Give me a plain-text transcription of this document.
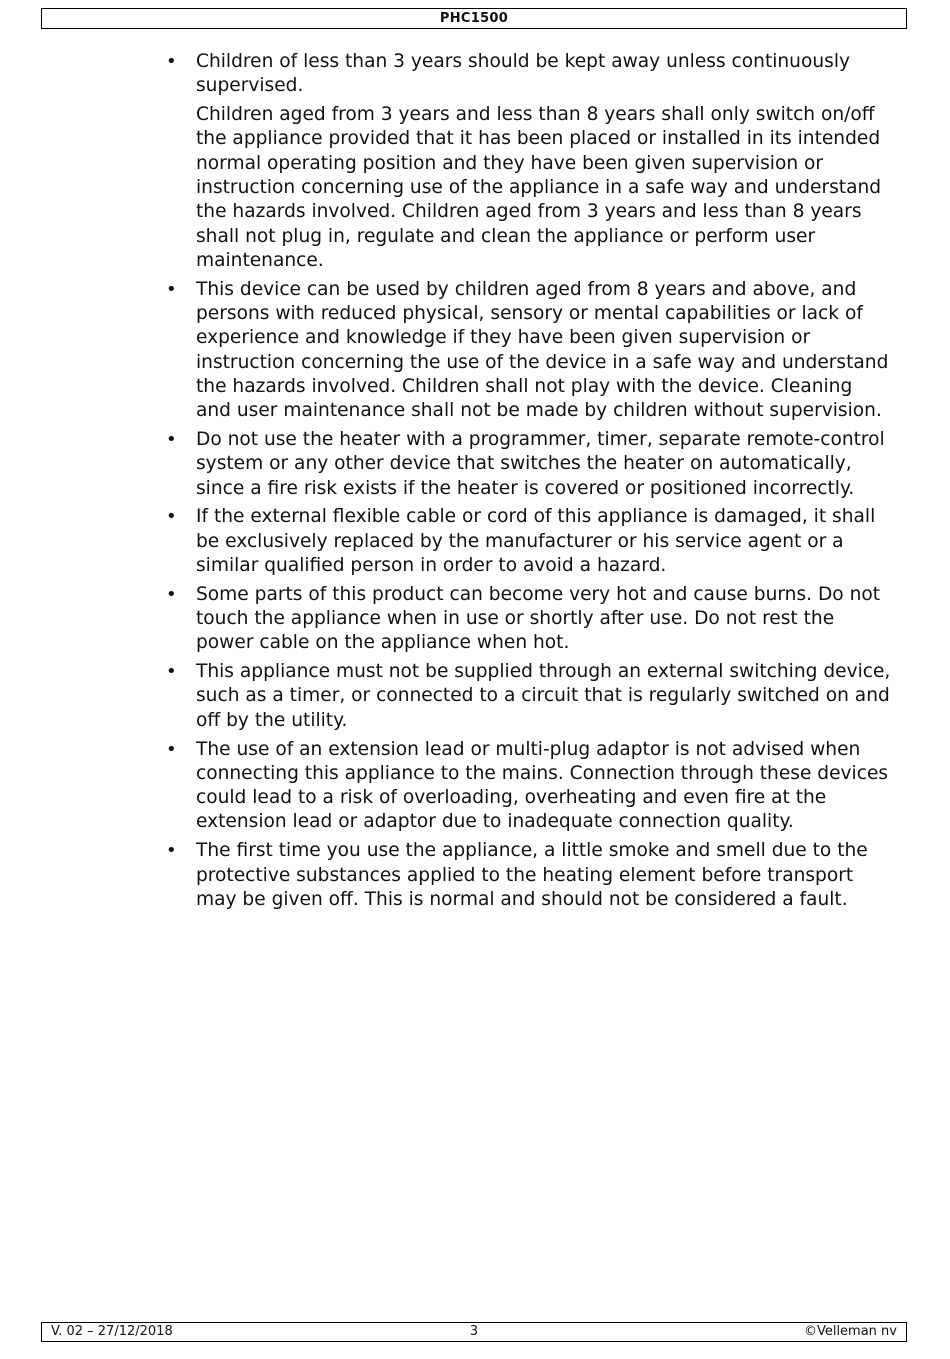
PHC1500
• Children of less than 3 years should be kept away unless continuously supervised.
Children aged from 3 years and less than 8 years shall only switch on/off the appliance provided that it has been placed or installed in its intended normal operating position and they have been given supervision or instruction concerning use of the appliance in a safe way and understand the hazards involved. Children aged from 3 years and less than 8 years shall not plug in, regulate and clean the appliance or perform user maintenance.
• This device can be used by children aged from 8 years and above, and persons with reduced physical, sensory or mental capabilities or lack of experience and knowledge if they have been given supervision or instruction concerning the use of the device in a safe way and understand the hazards involved. Children shall not play with the device. Cleaning and user maintenance shall not be made by children without supervision.
• Do not use the heater with a programmer, timer, separate remote-control system or any other device that switches the heater on automatically, since a fire risk exists if the heater is covered or positioned incorrectly.
• If the external flexible cable or cord of this appliance is damaged, it shall be exclusively replaced by the manufacturer or his service agent or a similar qualified person in order to avoid a hazard.
• Some parts of this product can become very hot and cause burns. Do not touch the appliance when in use or shortly after use. Do not rest the power cable on the appliance when hot.
• This appliance must not be supplied through an external switching device, such as a timer, or connected to a circuit that is regularly switched on and off by the utility.
• The use of an extension lead or multi-plug adaptor is not advised when connecting this appliance to the mains. Connection through these devices could lead to a risk of overloading, overheating and even fire at the extension lead or adaptor due to inadequate connection quality.
• The first time you use the appliance, a little smoke and smell due to the protective substances applied to the heating element before transport may be given off. This is normal and should not be considered a fault.
V. 02 – 27/12/2018	3	©Velleman nv
